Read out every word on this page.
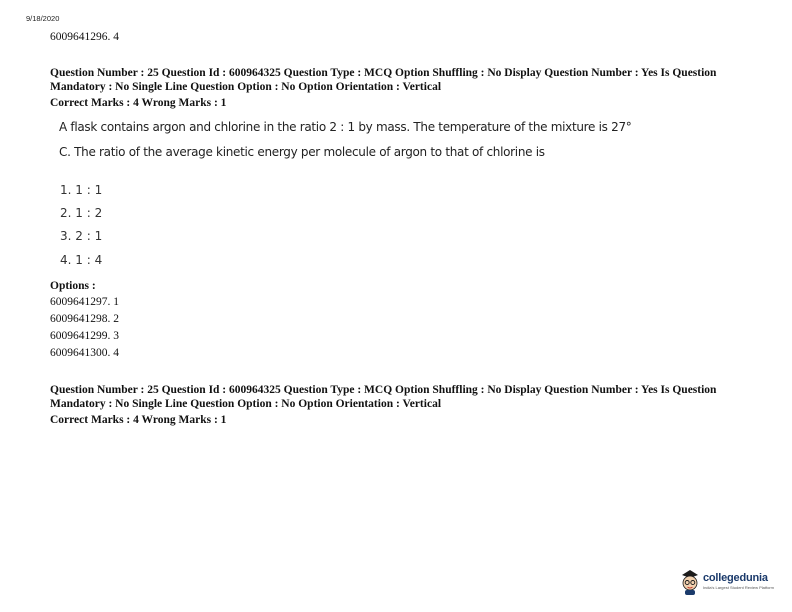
9/18/2020
6009641296. 4
Question Number : 25 Question Id : 600964325 Question Type : MCQ Option Shuffling : No Display Question Number : Yes Is Question
Mandatory : No Single Line Question Option : No Option Orientation : Vertical
Correct Marks : 4 Wrong Marks : 1
A flask contains argon and chlorine in the ratio 2 : 1 by mass. The temperature of the mixture is 27°
C. The ratio of the average kinetic energy per molecule of argon to that of chlorine is
1. 1 : 1
2. 1 : 2
3. 2 : 1
4. 1 : 4
Options :
6009641297. 1
6009641298. 2
6009641299. 3
6009641300. 4
Question Number : 25 Question Id : 600964325 Question Type : MCQ Option Shuffling : No Display Question Number : Yes Is Question
Mandatory : No Single Line Question Option : No Option Orientation : Vertical
Correct Marks : 4 Wrong Marks : 1
collegedunia
India's Largest Student Review Platform
